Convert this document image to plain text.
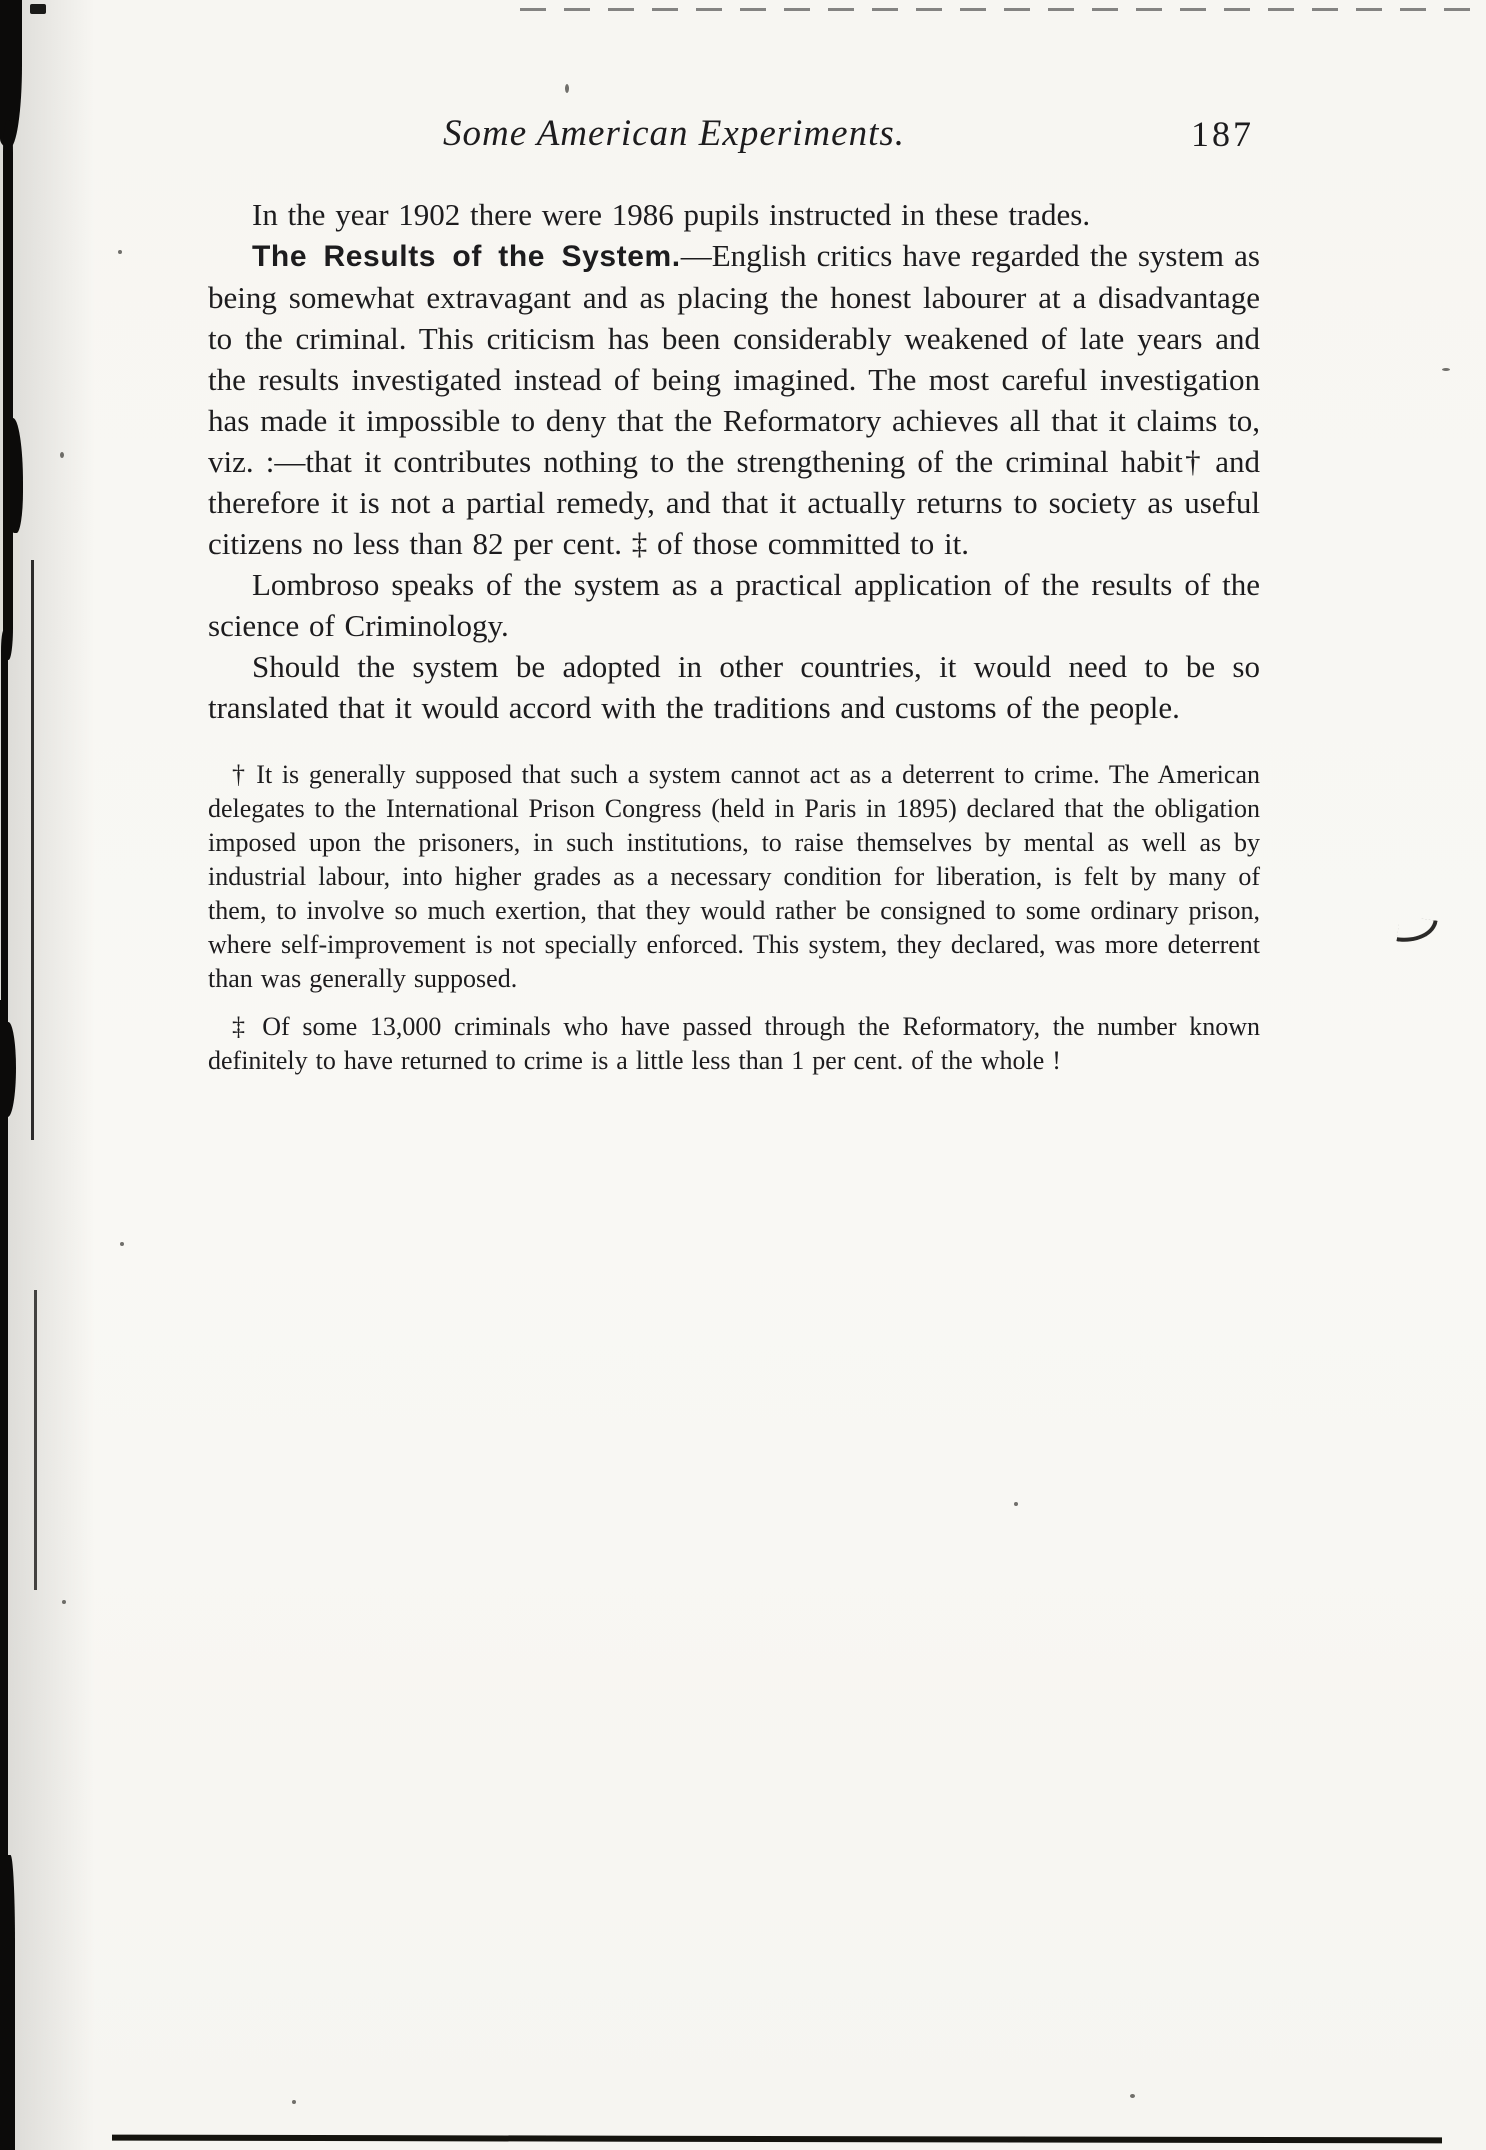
Some American Experiments.	187

In the year 1902 there were 1986 pupils instructed in these trades.

The Results of the System.—English critics have regarded the system as being somewhat extravagant and as placing the honest labourer at a disadvantage to the criminal. This criticism has been considerably weakened of late years and the results investigated instead of being imagined. The most careful investigation has made it impossible to deny that the Reformatory achieves all that it claims to, viz. :—that it contributes nothing to the strengthening of the criminal habit† and therefore it is not a partial remedy, and that it actually returns to society as useful citizens no less than 82 per cent. ‡ of those committed to it.

Lombroso speaks of the system as a practical application of the results of the science of Criminology.

Should the system be adopted in other countries, it would need to be so translated that it would accord with the traditions and customs of the people.

† It is generally supposed that such a system cannot act as a deterrent to crime. The American delegates to the International Prison Congress (held in Paris in 1895) declared that the obligation imposed upon the prisoners, in such institutions, to raise themselves by mental as well as by industrial labour, into higher grades as a necessary condition for liberation, is felt by many of them, to involve so much exertion, that they would rather be consigned to some ordinary prison, where self-improvement is not specially enforced. This system, they declared, was more deterrent than was generally supposed.

‡ Of some 13,000 criminals who have passed through the Reformatory, the number known definitely to have returned to crime is a little less than 1 per cent. of the whole !
